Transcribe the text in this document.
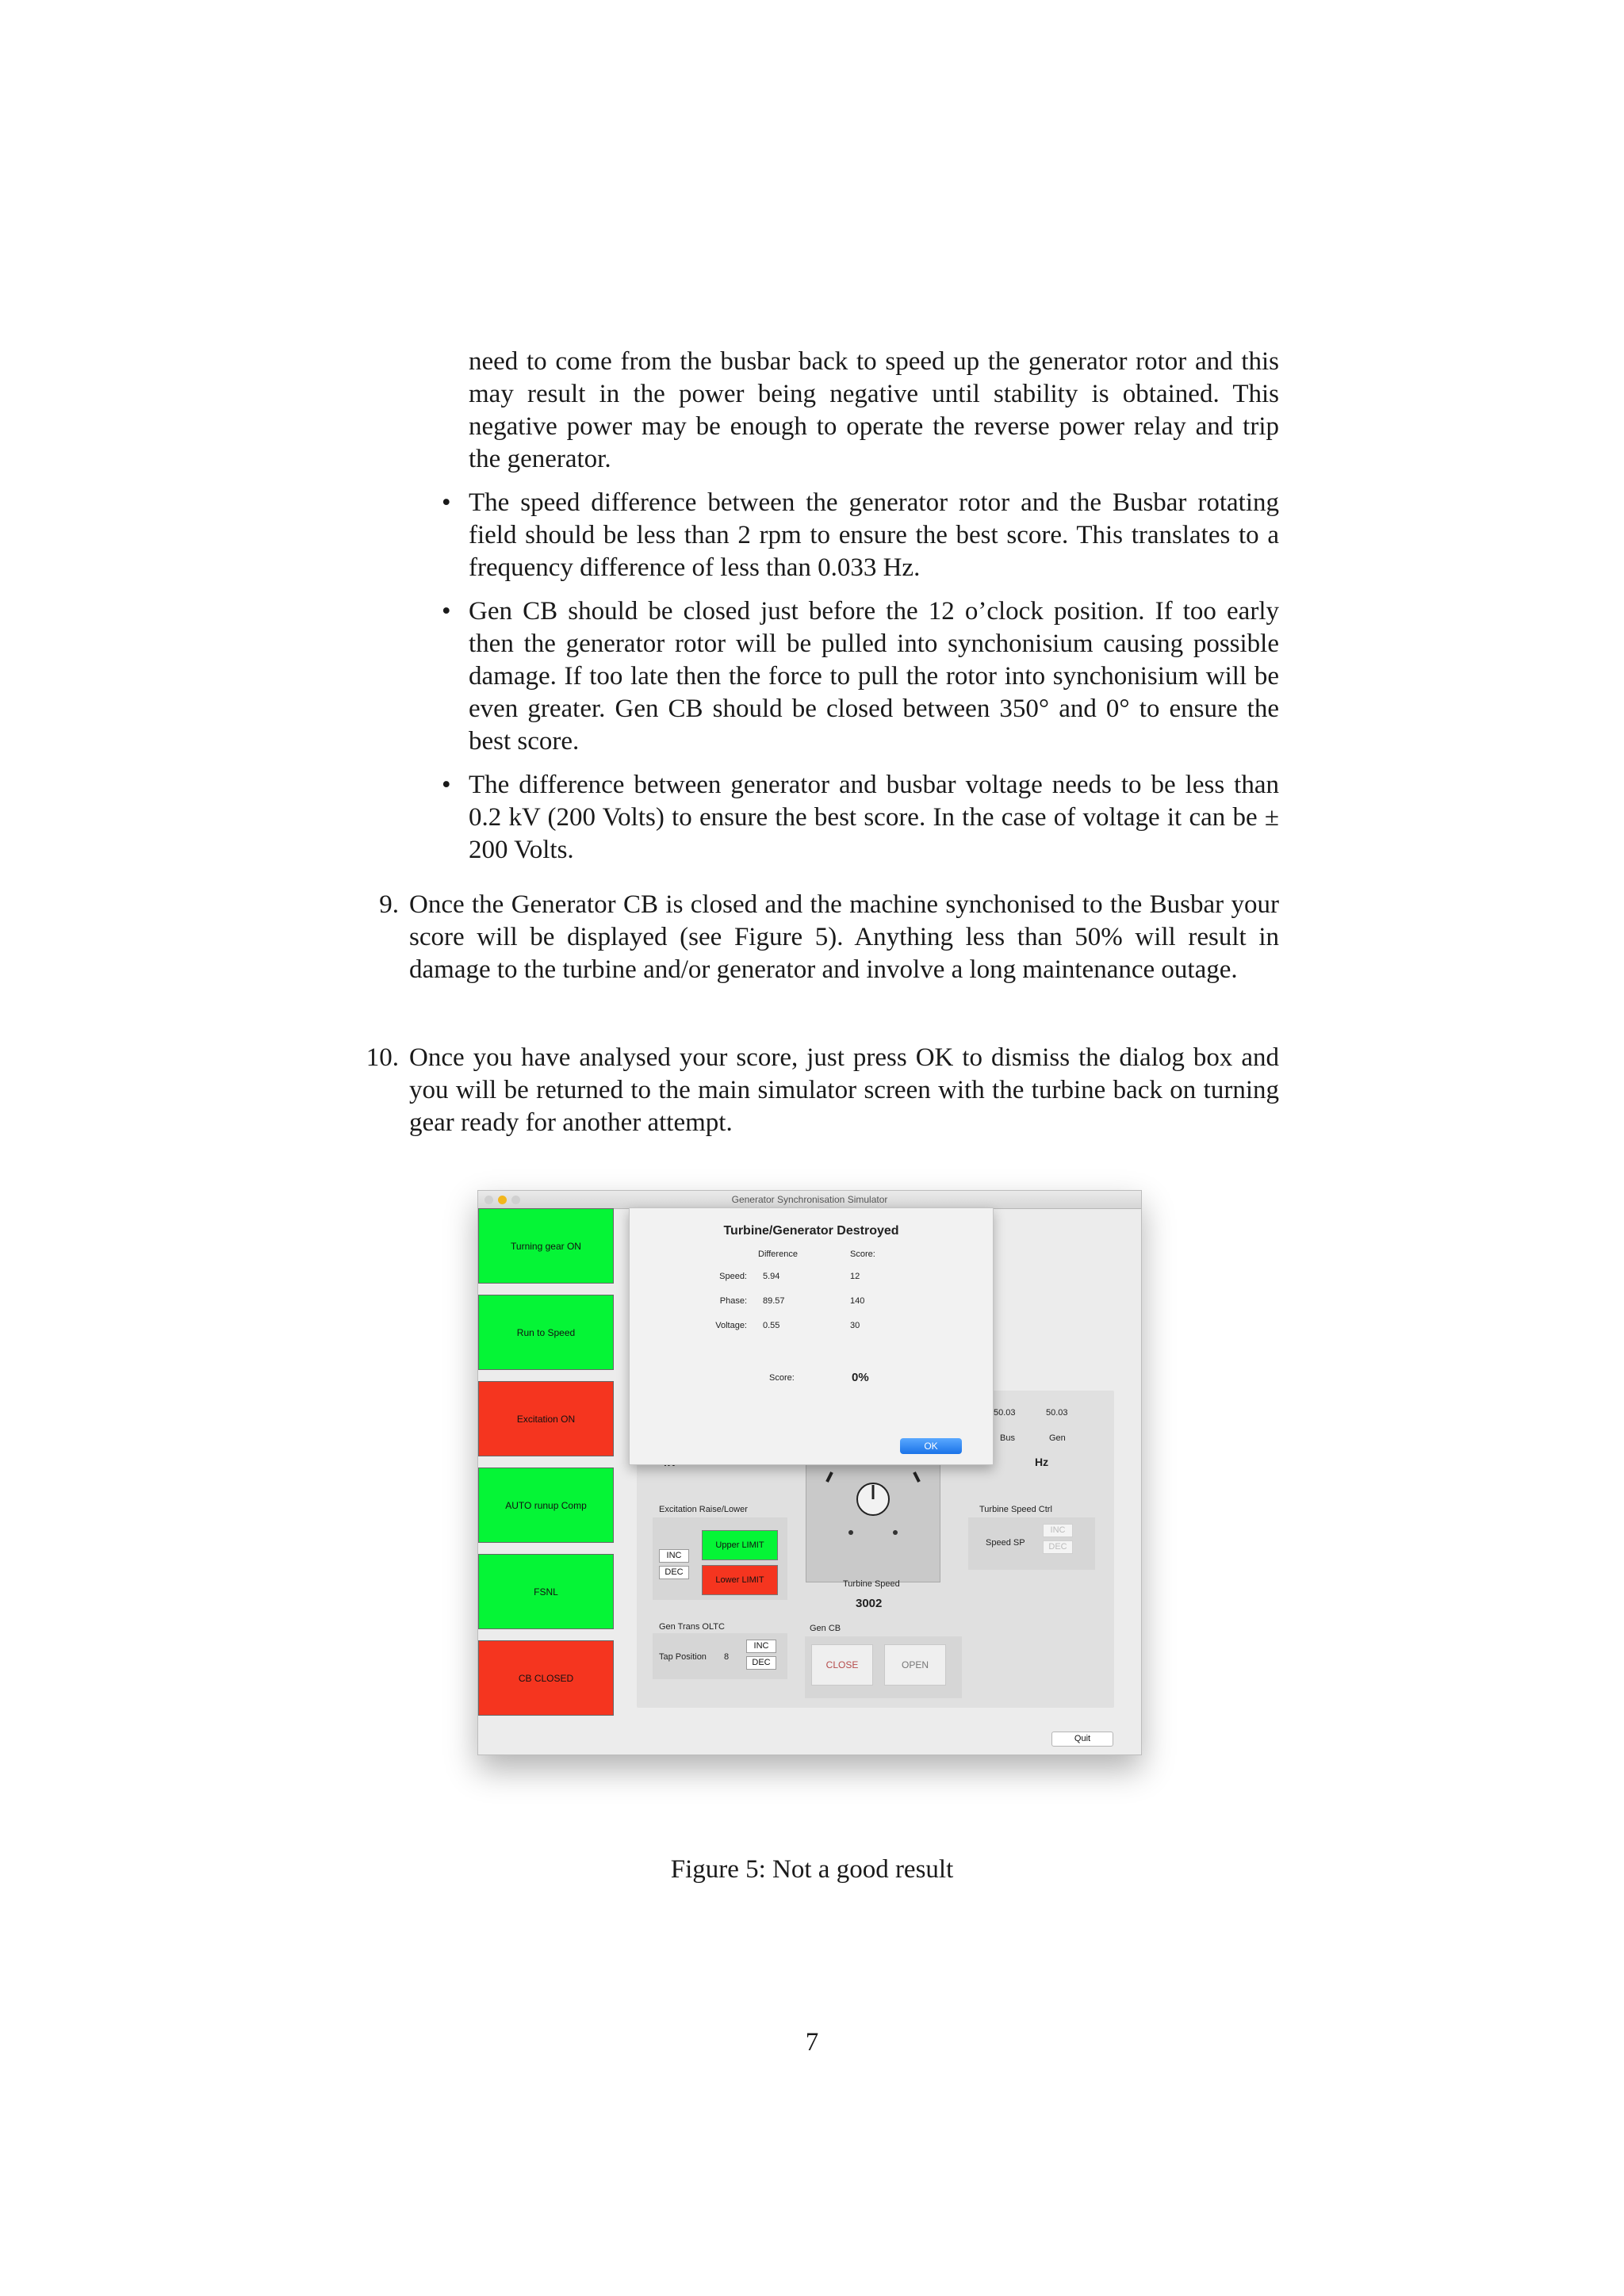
need to come from the busbar back to speed up the generator rotor and this may result in the power being negative until stability is obtained. This negative power may be enough to operate the reverse power relay and trip the generator.
• The speed difference between the generator rotor and the Busbar rotating field should be less than 2 rpm to ensure the best score. This translates to a frequency difference of less than 0.033 Hz.
• Gen CB should be closed just before the 12 o’clock position. If too early then the generator rotor will be pulled into synchonisium causing possible damage. If too late then the force to pull the rotor into synchonisium will be even greater. Gen CB should be closed between 350° and 0° to ensure the best score.
• The difference between generator and busbar voltage needs to be less than 0.2 kV (200 Volts) to ensure the best score. In the case of voltage it can be ± 200 Volts.
9. Once the Generator CB is closed and the machine synchonised to the Busbar your score will be displayed (see Figure 5). Anything less than 50% will result in damage to the turbine and/or generator and involve a long maintenance outage.
10. Once you have analysed your score, just press OK to dismiss the dialog box and you will be returned to the main simulator screen with the turbine back on turning gear ready for another attempt.
Generator Synchronisation Simulator
Turning gear ON
Run to Speed
Excitation ON
AUTO runup Comp
FSNL
CB CLOSED
50.03	50.03
Bus	Gen
Hz
Excitation Raise/Lower
INC
DEC
Upper LIMIT
Lower LIMIT
Gen Trans OLTC
Tap Position 8
INC
DEC
Turbine Speed
3002
Gen CB
CLOSE	OPEN
Turbine Speed Ctrl
Speed SP
INC
DEC
Quit
Turbine/Generator Destroyed
Difference	Score:
Speed: 5.94	12
Phase: 89.57	140
Voltage: 0.55	30
Score:	0%
OK
Figure 5: Not a good result
7
